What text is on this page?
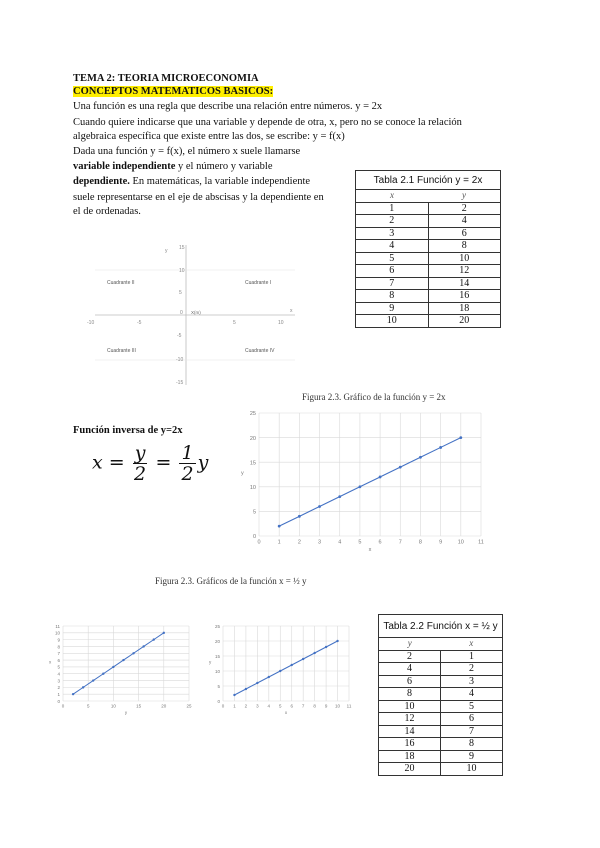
TEMA 2: TEORIA MICROECONOMIA
CONCEPTOS MATEMATICOS BASICOS:
Una función es una regla que describe una relación entre números. y = 2x
Cuando quiere indicarse que una variable y depende de otra, x, pero no se conoce la relación
algebraica específica que existe entre las dos, se escribe: y = f(x)
Dada una función y = f(x), el número x suele llamarse
variable independiente y el número y variable
dependiente. En matemáticas, la variable independiente
suele representarse en el eje de abscisas y la dependiente en
el de ordenadas.
Tabla 2.1 Función y = 2x	
x	y
1	2
2	4
3	6
4	8
5	10
6	12
7	14
8	16
9	18
10	20
y
x
15
10
5
-5
-10
-15
-10	-5	5	10
0 X(m)
Cuadrante I
Cuadrante II
Cuadrante III	Cuadrante IV
Figura 2.3. Gráfico de la función y = 2x
Función inversa de y=2x
$x = \frac{y}{2} = \frac{1}{2}$ y
0
5
10
15
20
25
0	1	2	3	4	5	6	7	8	9	10	11
x
y
Figura 2.3. Gráficos de la función x = ½ y
0
1
2
3
4
5
6
7
8
9
10
11
0	5	10	15	20	25
y
x
0
5
10
15
20
25
0 1 2 3 4 5 6 7 8 9 10 11
x
y
Tabla 2.2 Función x = ½ y	
y	x
2	1
4	2
6	3
8	4
10	5
12	6
14	7
16	8
18	9
20	10
